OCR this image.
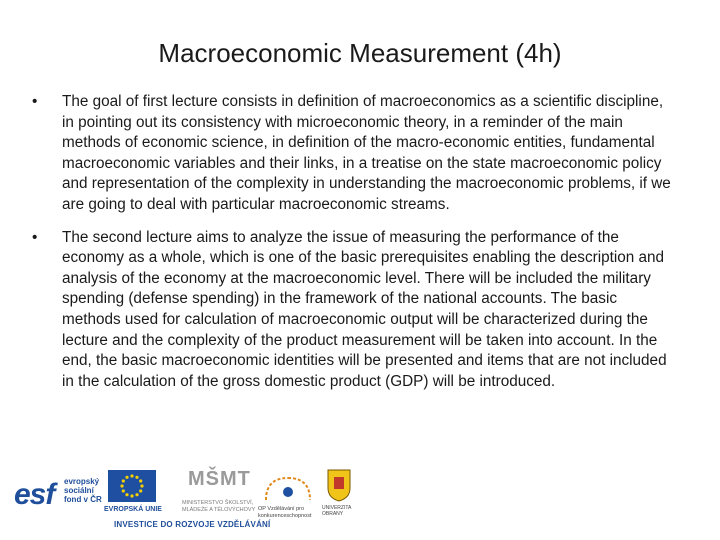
Macroeconomic Measurement (4h)
• The goal of first lecture consists in definition of macroeconomics as a scientific discipline, in pointing out its consistency with microeconomic theory, in a reminder of the main methods of economic science, in definition of the macro-economic entities, fundamental macroeconomic variables and their links, in a treatise on the state macroeconomic policy and representation of the complexity in understanding the macroeconomic problems, if we are going to deal with particular macroeconomic streams.
• The second lecture aims to analyze the issue of measuring the performance of the economy as a whole, which is one of the basic prerequisites enabling the description and analysis of the economy at the macroeconomic level. There will be included the military spending (defense spending) in the framework of the national accounts. The basic methods used for calculation of macroeconomic output will be characterized during the lecture and the complexity of the product measurement will be taken into account. In the end, the basic macroeconomic identities will be presented and items that are not included in the calculation of the gross domestic product (GDP) will be introduced.
esf evropský sociální fond v ČR
EVROPSKÁ UNIE
MŠMT
MINISTERSTVO ŠKOLSTVÍ, MLÁDEŽE A TĚLOVÝCHOVY OP Vzdělávání pro konkurenceschopnost
UNIVERZITA OBRANY
INVESTICE DO ROZVOJE VZDĚLÁVÁNÍ
